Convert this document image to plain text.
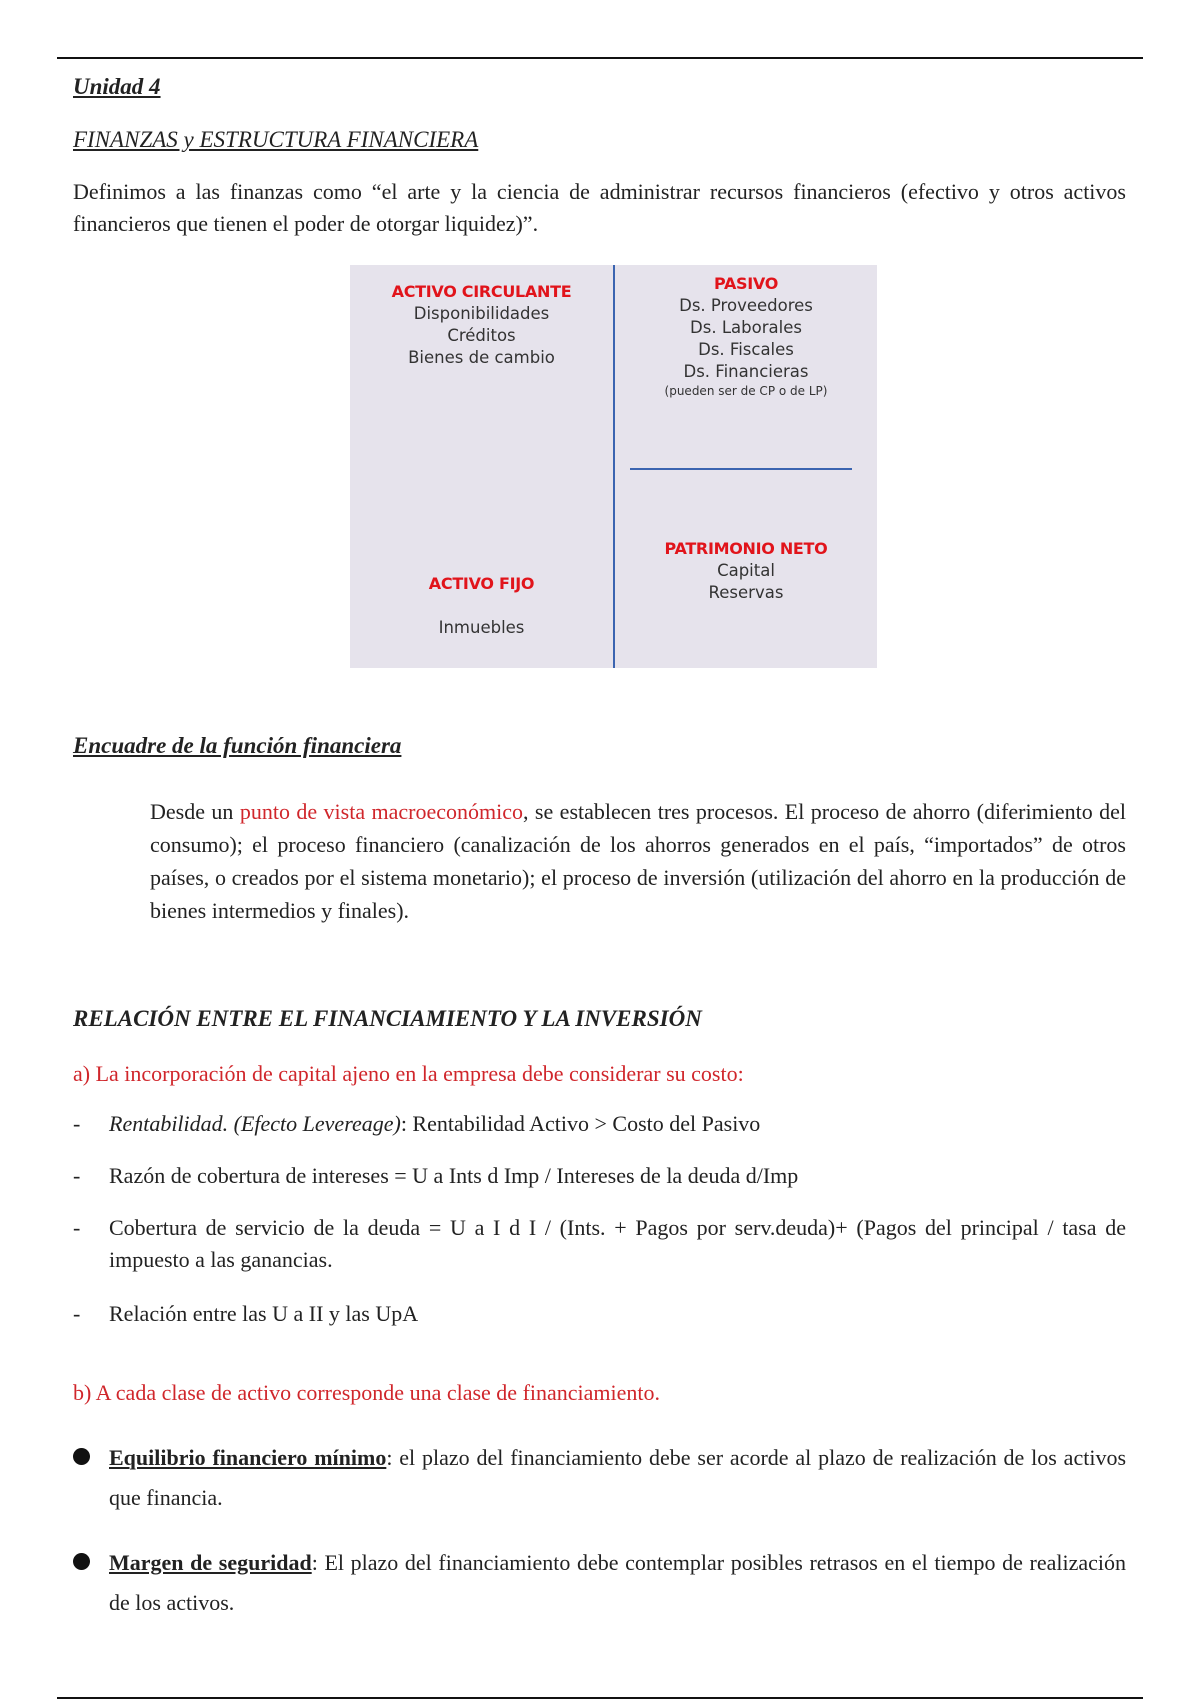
Unidad 4
FINANZAS y ESTRUCTURA FINANCIERA
Definimos a las finanzas como “el arte y la ciencia de administrar recursos financieros (efectivo y otros activos financieros que tienen el poder de otorgar liquidez)”.
ACTIVO CIRCULANTE
Disponibilidades
Créditos
Bienes de cambio
ACTIVO FIJO
Inmuebles
PASIVO
Ds. Proveedores
Ds. Laborales
Ds. Fiscales
Ds. Financieras
(pueden ser de CP o de LP)
PATRIMONIO NETO
Capital
Reservas
Encuadre de la función financiera
Desde un punto de vista macroeconómico, se establecen tres procesos. El proceso de ahorro (diferimiento del consumo); el proceso financiero (canalización de los ahorros generados en el país, “importados” de otros países, o creados por el sistema monetario); el proceso de inversión (utilización del ahorro en la producción de bienes intermedios y finales).
RELACIÓN ENTRE EL FINANCIAMIENTO Y LA INVERSIÓN
a) La incorporación de capital ajeno en la empresa debe considerar su costo:
- Rentabilidad. (Efecto Levereage): Rentabilidad Activo > Costo del Pasivo
- Razón de cobertura de intereses = U a Ints d Imp / Intereses de la deuda d/Imp
- Cobertura de servicio de la deuda = U a I d I / (Ints. + Pagos por serv.deuda)+ (Pagos del principal / tasa de impuesto a las ganancias.
- Relación entre las U a II y las UpA
b) A cada clase de activo corresponde una clase de financiamiento.
Equilibrio financiero mínimo: el plazo del financiamiento debe ser acorde al plazo de realización de los activos que financia.
Margen de seguridad: El plazo del financiamiento debe contemplar posibles retrasos en el tiempo de realización de los activos.
